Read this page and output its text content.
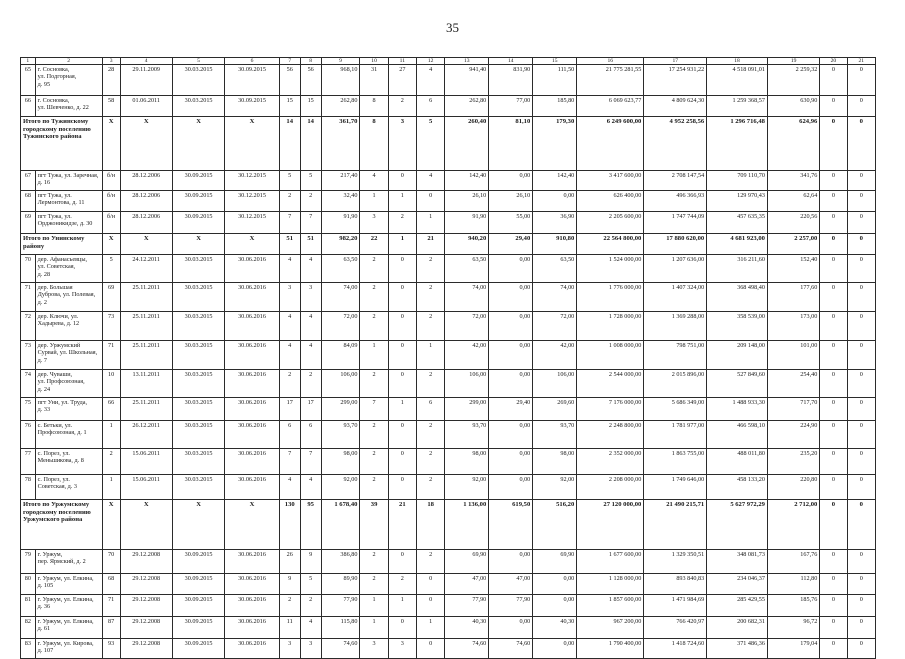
35
1	2	3	4	5	6	7	8	9	10	11	12	13	14	15	16	17	18	19	20	21
65	г. Сосновка,
ул. Подгорная,
д. 95	28	29.11.2009	30.03.2015	30.09.2015	56	56	968,10	31	27	4	941,40	831,90	111,50	21 775 281,55	17 254 931,22	4 518 091,01	2 259,32	0	0
66	г. Сосновка,
ул. Шевченко, д. 22	58	01.06.2011	30.03.2015	30.09.2015	15	15	262,80	8	2	6	262,80	77,00	185,80	6 069 623,77	4 809 624,30	1 259 368,57	630,90	0	0
Итого по Тужинскому городскому поселению Тужинского района		X	X	X	X	14	14	361,70	8	3	5	260,40	81,10	179,30	6 249 600,00	4 952 258,56	1 296 716,48	624,96	0	0
67	пгт Тужа, ул. Заречная, д. 16	б/н	28.12.2006	30.09.2015	30.12.2015	5	5	217,40	4	0	4	142,40	0,00	142,40	3 417 600,00	2 708 147,54	709 110,70	341,76	0	0
68	пгт Тужа, ул. Лермонтова, д. 11	б/н	28.12.2006	30.09.2015	30.12.2015	2	2	32,40	1	1	0	26,10	26,10	0,00	626 400,00	496 366,93	129 970,43	62,64	0	0
69	пгт Тужа, ул. Орджоникидзе, д. 30	б/н	28.12.2006	30.09.2015	30.12.2015	7	7	91,90	3	2	1	91,90	55,00	36,90	2 205 600,00	1 747 744,09	457 635,35	220,56	0	0
Итого по Унинскому району		X	X	X	X	51	51	982,20	22	1	21	940,20	29,40	910,80	22 564 800,00	17 880 620,00	4 681 923,00	2 257,00	0	0
70	дер. Афанасьевцы,
ул. Советская,
д. 28	5	24.12.2011	30.03.2015	30.06.2016	4	4	63,50	2	0	2	63,50	0,00	63,50	1 524 000,00	1 207 636,00	316 211,60	152,40	0	0
71	дер. Большая
Дуброва, ул. Полевая,
д. 2	69	25.11.2011	30.03.2015	30.06.2016	3	3	74,00	2	0	2	74,00	0,00	74,00	1 776 000,00	1 407 324,00	368 498,40	177,60	0	0
72	дер. Ключи, ул. Хадырева, д. 12	73	25.11.2011	30.03.2015	30.06.2016	4	4	72,00	2	0	2	72,00	0,00	72,00	1 728 000,00	1 369 288,00	358 539,00	173,00	0	0
73	дер. Уржумский Сурвай, ул. Школьная,
д. 7	71	25.11.2011	30.03.2015	30.06.2016	4	4	84,09	1	0	1	42,00	0,00	42,00	1 008 000,00	798 751,00	209 148,00	101,00	0	0
74	дер. Чуваши,
ул. Профсоюзная,
д. 24	10	13.11.2011	30.03.2015	30.06.2016	2	2	106,00	2	0	2	106,00	0,00	106,00	2 544 000,00	2 015 896,00	527 849,60	254,40	0	0
75	пгт Уни, ул. Труда,
д. 33	66	25.11.2011	30.03.2015	30.06.2016	17	17	299,00	7	1	6	299,00	29,40	269,60	7 176 000,00	5 686 349,00	1 488 933,30	717,70	0	0
76	с. Бетьки, ул. Профсоюзная, д. 1	1	26.12.2011	30.03.2015	30.06.2016	6	6	93,70	2	0	2	93,70	0,00	93,70	2 248 800,00	1 781 977,00	466 598,10	224,90	0	0
77	с. Порез, ул. Меньшикова, д. 8	2	15.06.2011	30.03.2015	30.06.2016	7	7	98,00	2	0	2	98,00	0,00	98,00	2 352 000,00	1 863 755,00	488 011,80	235,20	0	0
78	с. Порез, ул. Советская, д. 3	1	15.06.2011	30.03.2015	30.06.2016	4	4	92,00	2	0	2	92,00	0,00	92,00	2 208 000,00	1 749 646,00	458 133,20	220,80	0	0
Итого по Уржумскому городскому поселению Уржумского района		X	X	X	X	130	95	1 678,40	39	21	18	1 136,00	619,50	516,20	27 120 000,00	21 490 215,71	5 627 972,29	2 712,00	0	0
79	г. Уржум,
пер. Ярмский, д. 2	70	29.12.2008	30.09.2015	30.06.2016	26	9	386,80	2	0	2	69,90	0,00	69,90	1 677 600,00	1 329 350,51	348 081,73	167,76	0	0
80	г. Уржум, ул. Елкина, д. 105	68	29.12.2008	30.09.2015	30.06.2016	9	5	89,90	2	2	0	47,00	47,00	0,00	1 128 000,00	893 840,83	234 046,37	112,80	0	0
81	г. Уржум, ул. Елкина, д. 36	71	29.12.2008	30.09.2015	30.06.2016	2	2	77,90	1	1	0	77,90	77,90	0,00	1 857 600,00	1 471 984,69	285 429,55	185,76	0	0
82	г. Уржум, ул. Елкина, д. 61	87	29.12.2008	30.09.2015	30.06.2016	11	4	115,80	1	0	1	40,30	0,00	40,30	967 200,00	766 420,97	200 682,31	96,72	0	0
83	г. Уржум, ул. Кирова, д. 107	93	29.12.2008	30.09.2015	30.06.2016	3	3	74,60	3	3	0	74,60	74,60	0,00	1 790 400,00	1 418 724,60	371 486,36	179,04	0	0
